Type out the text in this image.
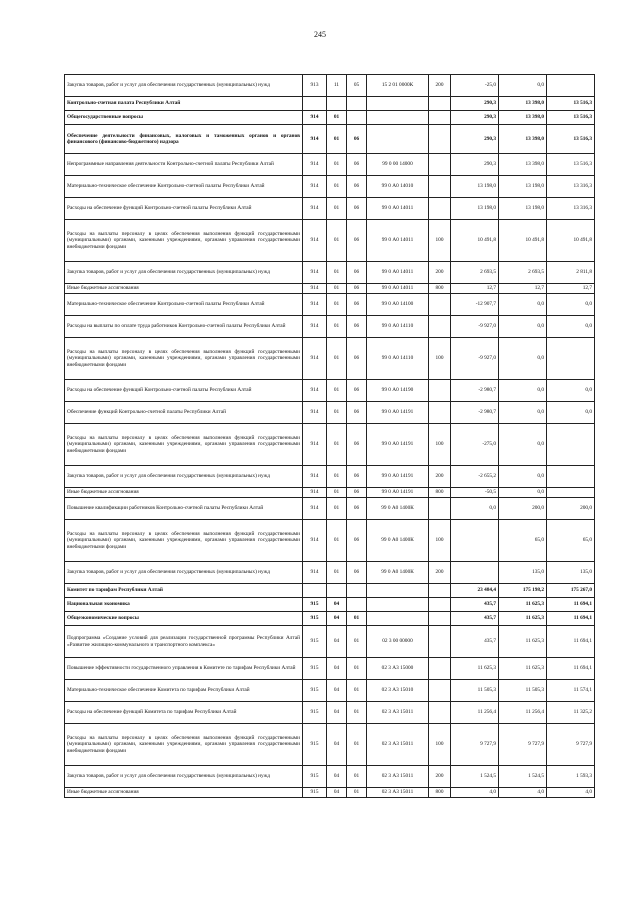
245
Закупка товаров, работ и услуг для обеспечения государственных (муниципальных) нужд	913	11	05	15 2 01 0000К	200	-25,0	0,0	
Контрольно-счетная палата Республики Алтай						290,3	13 398,0	13 516,3
Общегосударственные вопросы	914	01				290,3	13 398,0	13 516,3
Обеспечение деятельности финансовых, налоговых и таможенных органов и органов финансового (финансово-бюджетного) надзора	914	01	06			290,3	13 398,0	13 516,3
Непрограммные направления деятельности Контрольно-счетной палаты Республики Алтай	914	01	06	99 0 00 14000		290,3	13 398,0	13 516,3
Материально-техническое обеспечение Контрольно-счетной палаты Республики Алтай	914	01	06	99 0 А0 14010		13 198,0	13 198,0	13 316,3
Расходы на обеспечение функций Контрольно-счетной палаты Республики Алтай	914	01	06	99 0 А0 14011		13 198,0	13 198,0	13 316,3
Расходы на выплаты персоналу в целях обеспечения выполнения функций государственными (муниципальными) органами, казенными учреждениями, органами управления государственными внебюджетными фондами	914	01	06	99 0 А0 14011	100	10 491,8	10 491,8	10 491,8
Закупка товаров, работ и услуг для обеспечения государственных (муниципальных) нужд	914	01	06	99 0 А0 14011	200	2 693,5	2 693,5	2 811,8
Иные бюджетные ассигнования	914	01	06	99 0 А0 14011	800	12,7	12,7	12,7
Материально-техническое обеспечение Контрольно-счетной палаты Республики Алтай	914	01	06	99 0 А0 14100		-12 907,7	0,0	0,0
Расходы на выплаты по оплате труда работников Контрольно-счетной палаты Республики Алтай	914	01	06	99 0 А0 14110		-9 927,0	0,0	0,0
Расходы на выплаты персоналу в целях обеспечения выполнения функций государственными (муниципальными) органами, казенными учреждениями, органами управления государственными внебюджетными фондами	914	01	06	99 0 А0 14110	100	-9 927,0	0,0	
Расходы на обеспечение функций Контрольно-счетной палаты Республики Алтай	914	01	06	99 0 А0 14190		-2 980,7	0,0	0,0
Обеспечение функций Контрольно-счетной палаты Республики Алтай	914	01	06	99 0 А0 14191		-2 980,7	0,0	0,0
Расходы на выплаты персоналу в целях обеспечения выполнения функций государственными (муниципальными) органами, казенными учреждениями, органами управления государственными внебюджетными фондами	914	01	06	99 0 А0 14191	100	-275,0	0,0	
Закупка товаров, работ и услуг для обеспечения государственных (муниципальных) нужд	914	01	06	99 0 А0 14191	200	-2 655,2	0,0	
Иные бюджетные ассигнования	914	01	06	99 0 А0 14191	800	-50,5	0,0	
Повышение квалификации работников Контрольно-счетной палаты Республики Алтай	914	01	06	99 0 А0 1400К		0,0	200,0	200,0
Расходы на выплаты персоналу в целях обеспечения выполнения функций государственными (муниципальными) органами, казенными учреждениями, органами управления государственными внебюджетными фондами	914	01	06	99 0 А0 1400К	100		65,0	65,0
Закупка товаров, работ и услуг для обеспечения государственных (муниципальных) нужд	914	01	06	99 0 А0 1400К	200		135,0	135,0
Комитет по тарифам Республики Алтай						23 484,4	175 198,2	175 267,0
Национальная экономика	915	04				435,7	11 625,3	11 694,1
Общеэкономические вопросы	915	04	01			435,7	11 625,3	11 694,1
Подпрограмма «Создание условий для реализации государственной программы Республики Алтай «Развитие жилищно-коммунального и транспортного комплекса»	915	04	01	02 3 00 00000		435,7	11 625,3	11 694,1
Повышение эффективности государственного управления в Комитете по тарифам Республики Алтай	915	04	01	02 3 А3 15000		11 625,3	11 625,3	11 694,1
Материально-техническое обеспечение Комитета по тарифам Республики Алтай	915	04	01	02 3 А3 15010		11 505,3	11 505,3	11 574,1
Расходы на обеспечение функций Комитета по тарифам Республики Алтай	915	04	01	02 3 А3 15011		11 256,4	11 256,4	11 325,2
Расходы на выплаты персоналу в целях обеспечения выполнения функций государственными (муниципальными) органами, казенными учреждениями, органами управления государственными внебюджетными фондами	915	04	01	02 3 А3 15011	100	9 727,9	9 727,9	9 727,9
Закупка товаров, работ и услуг для обеспечения государственных (муниципальных) нужд	915	04	01	02 3 А3 15011	200	1 524,5	1 524,5	1 593,3
Иные бюджетные ассигнования	915	04	01	02 3 А3 15011	800	4,0	4,0	4,0
